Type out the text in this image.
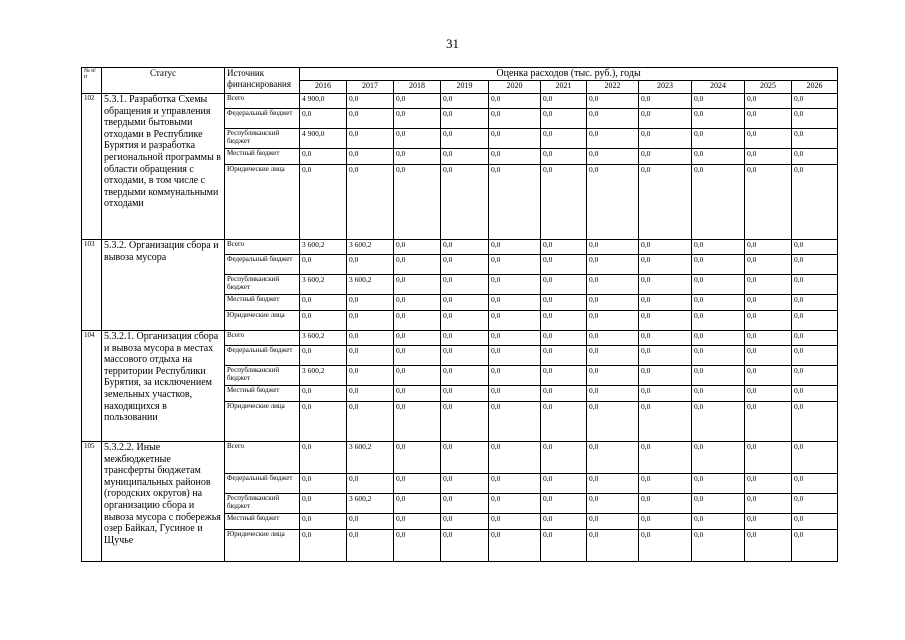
31
№ п/п	Статус	Источник финансирования	Оценка расходов (тыс. руб.), годы										
			2016	2017	2018	2019	2020	2021	2022	2023	2024	2025	2026
102	5.3.1. Разработка Схемы обращения и управления твердыми бытовыми отходами в Республике Бурятия и разработка региональной программы в области обращения с отходами, в том числе с твердыми коммунальными отходами	Всего	4 900,0	0,0	0,0	0,0	0,0	0,0	0,0	0,0	0,0	0,0	0,0
		Федеральный бюджет	0,0	0,0	0,0	0,0	0,0	0,0	0,0	0,0	0,0	0,0	0,0
		Республиканский бюджет	4 900,0	0,0	0,0	0,0	0,0	0,0	0,0	0,0	0,0	0,0	0,0
		Местный бюджет	0,0	0,0	0,0	0,0	0,0	0,0	0,0	0,0	0,0	0,0	0,0
		Юридические лица	0,0	0,0	0,0	0,0	0,0	0,0	0,0	0,0	0,0	0,0	0,0
103	5.3.2. Организация сбора и вывоза мусора	Всего	3 600,2	3 600,2	0,0	0,0	0,0	0,0	0,0	0,0	0,0	0,0	0,0
		Федеральный бюджет	0,0	0,0	0,0	0,0	0,0	0,0	0,0	0,0	0,0	0,0	0,0
		Республиканский бюджет	3 600,2	3 600,2	0,0	0,0	0,0	0,0	0,0	0,0	0,0	0,0	0,0
		Местный бюджет	0,0	0,0	0,0	0,0	0,0	0,0	0,0	0,0	0,0	0,0	0,0
		Юридические лица	0,0	0,0	0,0	0,0	0,0	0,0	0,0	0,0	0,0	0,0	0,0
104	5.3.2.1. Организация сбора и вывоза мусора в местах массового отдыха на территории Республики Бурятия, за исключением земельных участков, находящихся в пользовании	Всего	3 600,2	0,0	0,0	0,0	0,0	0,0	0,0	0,0	0,0	0,0	0,0
		Федеральный бюджет	0,0	0,0	0,0	0,0	0,0	0,0	0,0	0,0	0,0	0,0	0,0
		Республиканский бюджет	3 600,2	0,0	0,0	0,0	0,0	0,0	0,0	0,0	0,0	0,0	0,0
		Местный бюджет	0,0	0,0	0,0	0,0	0,0	0,0	0,0	0,0	0,0	0,0	0,0
		Юридические лица	0,0	0,0	0,0	0,0	0,0	0,0	0,0	0,0	0,0	0,0	0,0
105	5.3.2.2. Иные межбюджетные трансферты бюджетам муниципальных районов (городских округов) на организацию сбора и вывоза мусора с побережья озер Байкал, Гусиное и Щучье	Всего	0,0	3 600,2	0,0	0,0	0,0	0,0	0,0	0,0	0,0	0,0	0,0
		Федеральный бюджет	0,0	0,0	0,0	0,0	0,0	0,0	0,0	0,0	0,0	0,0	0,0
		Республиканский бюджет	0,0	3 600,2	0,0	0,0	0,0	0,0	0,0	0,0	0,0	0,0	0,0
		Местный бюджет	0,0	0,0	0,0	0,0	0,0	0,0	0,0	0,0	0,0	0,0	0,0
		Юридические лица	0,0	0,0	0,0	0,0	0,0	0,0	0,0	0,0	0,0	0,0	0,0
